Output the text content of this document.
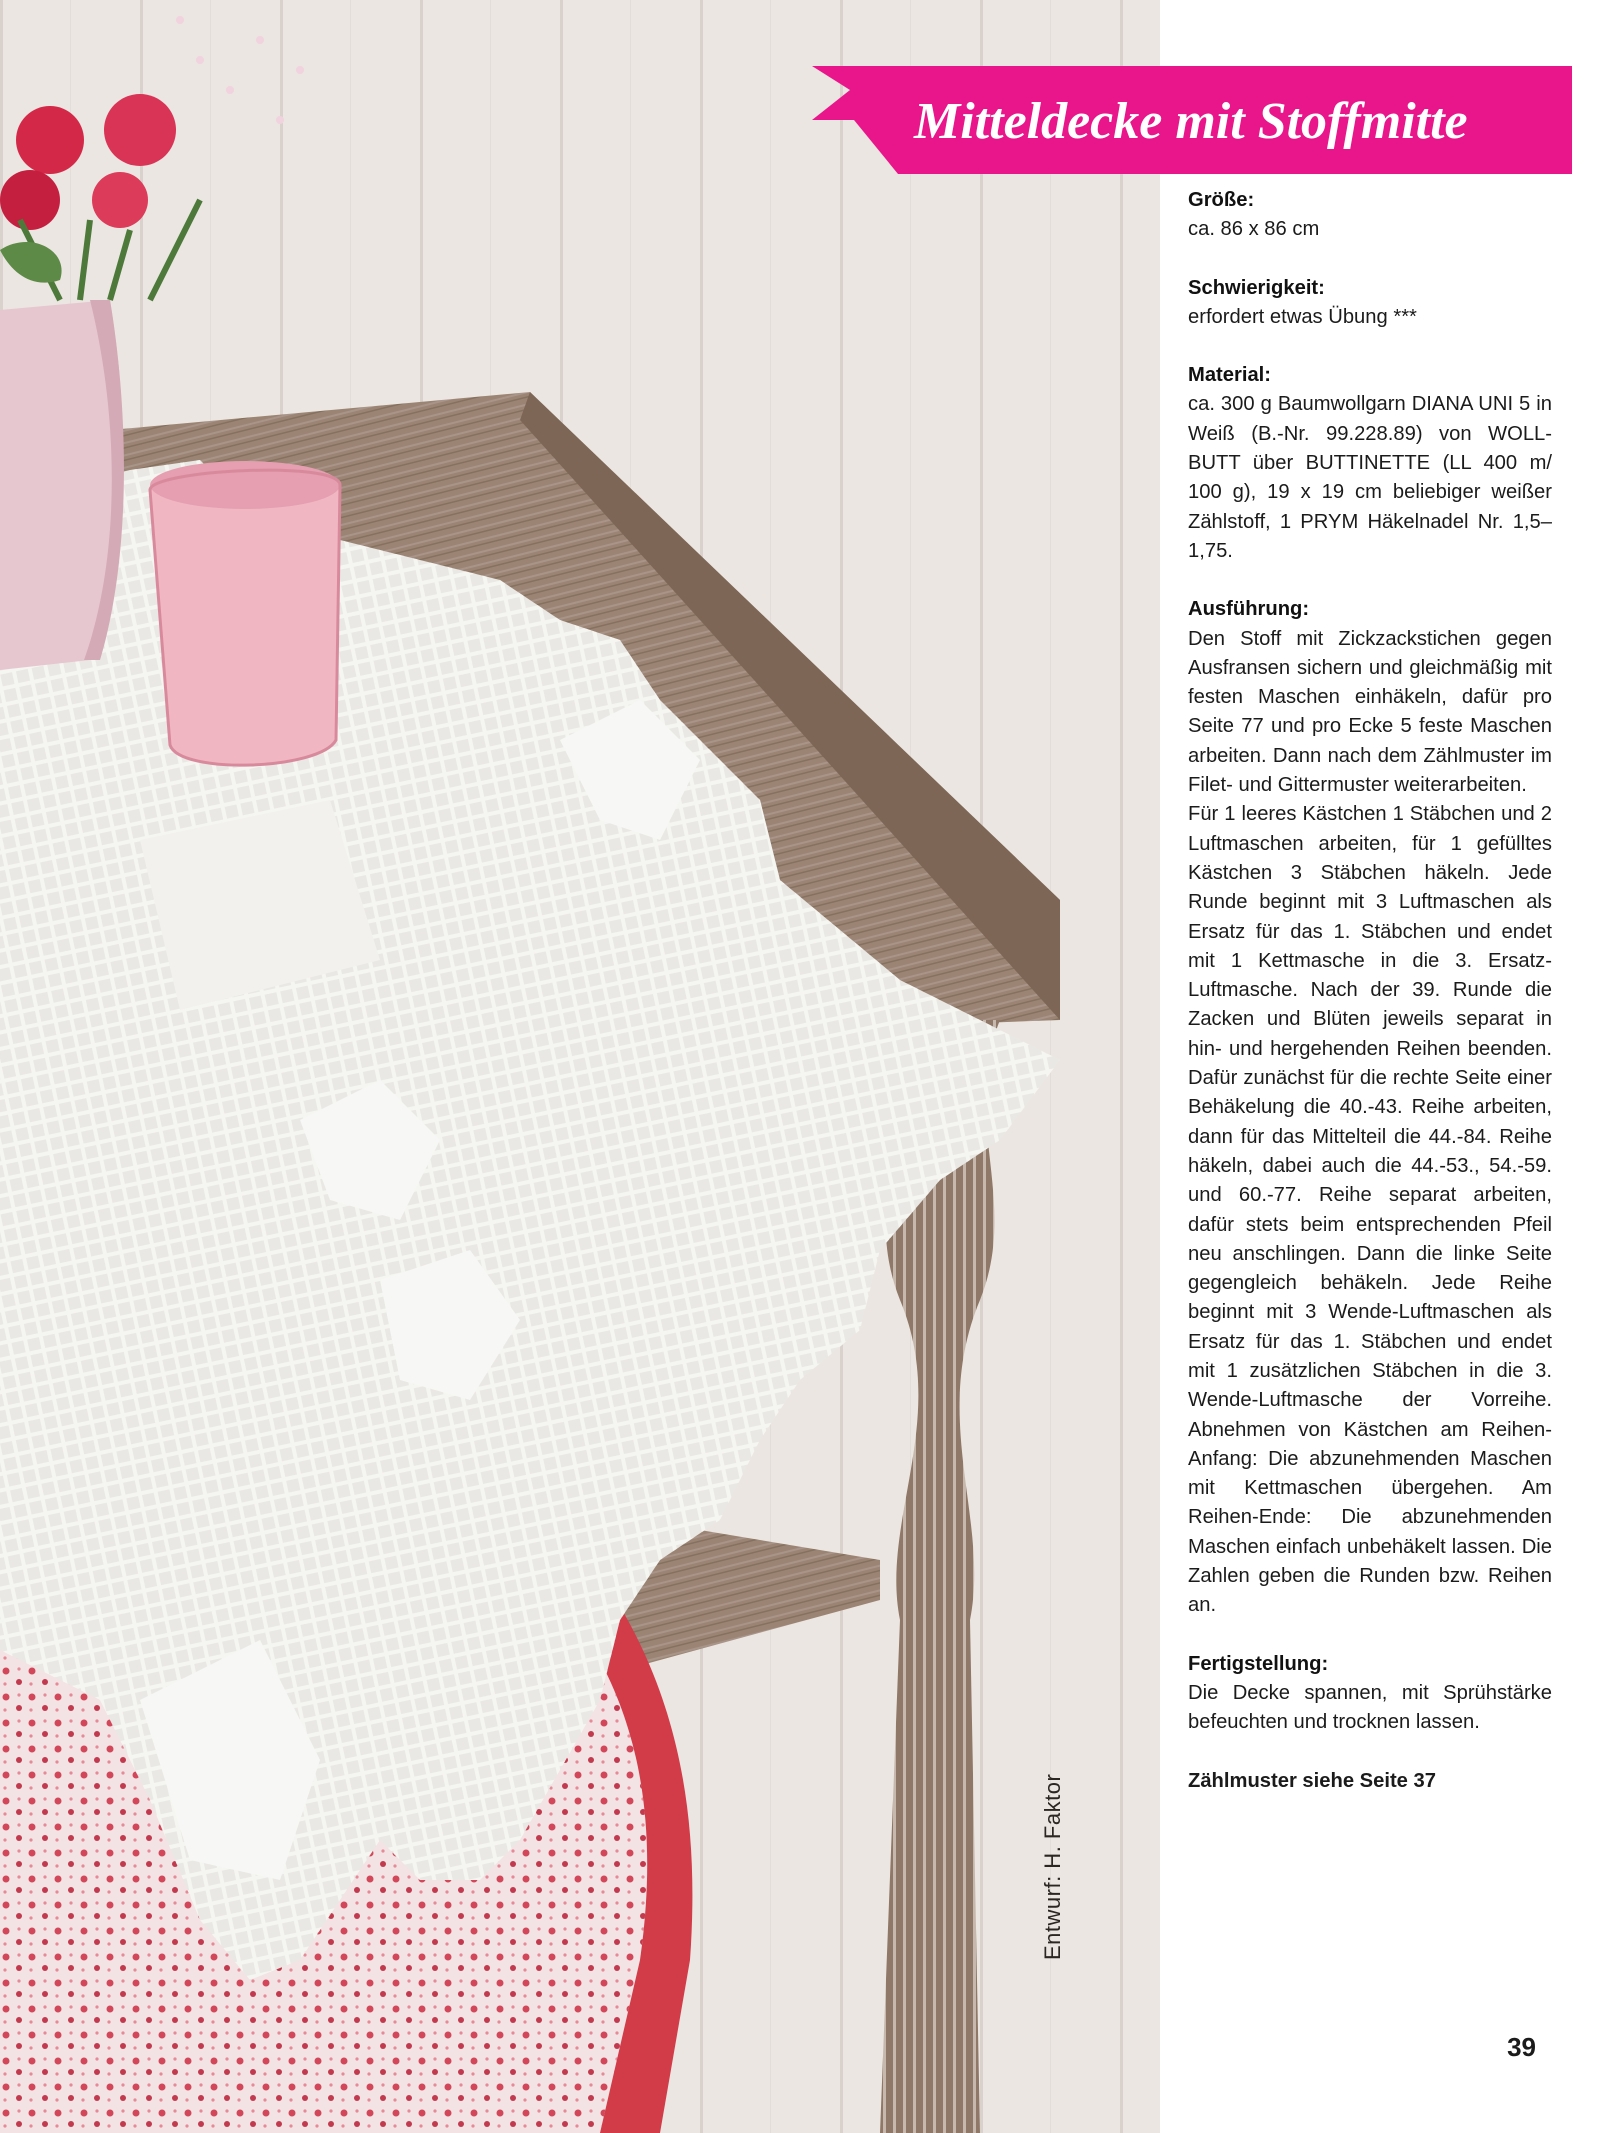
Entwurf: H. Faktor
Mitteldecke mit Stoffmitte
Größe:

ca. 86 x 86 cm

Schwierigkeit:

erfordert etwas Übung ***

Material:

ca. 300 g Baumwollgarn DIANA UNI 5 in Weiß (B.-Nr. 99.228.89) von WOLL-BUTT über BUTTINETTE (LL 400 m/ 100 g), 19 x 19 cm beliebiger weißer Zählstoff, 1 PRYM Häkelnadel Nr. 1,5–1,75.

Ausführung:

Den Stoff mit Zickzackstichen gegen Ausfransen sichern und gleichmäßig mit festen Maschen einhäkeln, dafür pro Seite 77 und pro Ecke 5 feste Maschen arbeiten. Dann nach dem Zählmuster im Filet- und Gittermuster weiterarbeiten.
Für 1 leeres Kästchen 1 Stäbchen und 2 Luftmaschen arbeiten, für 1 gefülltes Kästchen 3 Stäbchen häkeln. Jede Runde beginnt mit 3 Luftmaschen als Ersatz für das 1. Stäbchen und endet mit 1 Kettmasche in die 3. Ersatz-Luftmasche. Nach der 39. Runde die Zacken und Blüten jeweils separat in hin- und hergehenden Reihen beenden. Dafür zunächst für die rechte Seite einer Behäkelung die 40.-43. Reihe arbeiten, dann für das Mittelteil die 44.-84. Reihe häkeln, dabei auch die 44.-53., 54.-59. und 60.-77. Reihe separat arbeiten, dafür stets beim entsprechenden Pfeil neu anschlingen. Dann die linke Seite gegengleich behäkeln. Jede Reihe beginnt mit 3 Wende-Luftmaschen als Ersatz für das 1. Stäbchen und endet mit 1 zusätzlichen Stäbchen in die 3. Wende-Luftmasche der Vorreihe. Abnehmen von Kästchen am Reihen-Anfang: Die abzunehmenden Maschen mit Kettmaschen übergehen. Am Reihen-Ende: Die abzunehmenden Maschen einfach unbehäkelt lassen. Die Zahlen geben die Runden bzw. Reihen an.

Fertigstellung:

Die Decke spannen, mit Sprühstärke befeuchten und trocknen lassen.

Zählmuster siehe Seite 37
39
